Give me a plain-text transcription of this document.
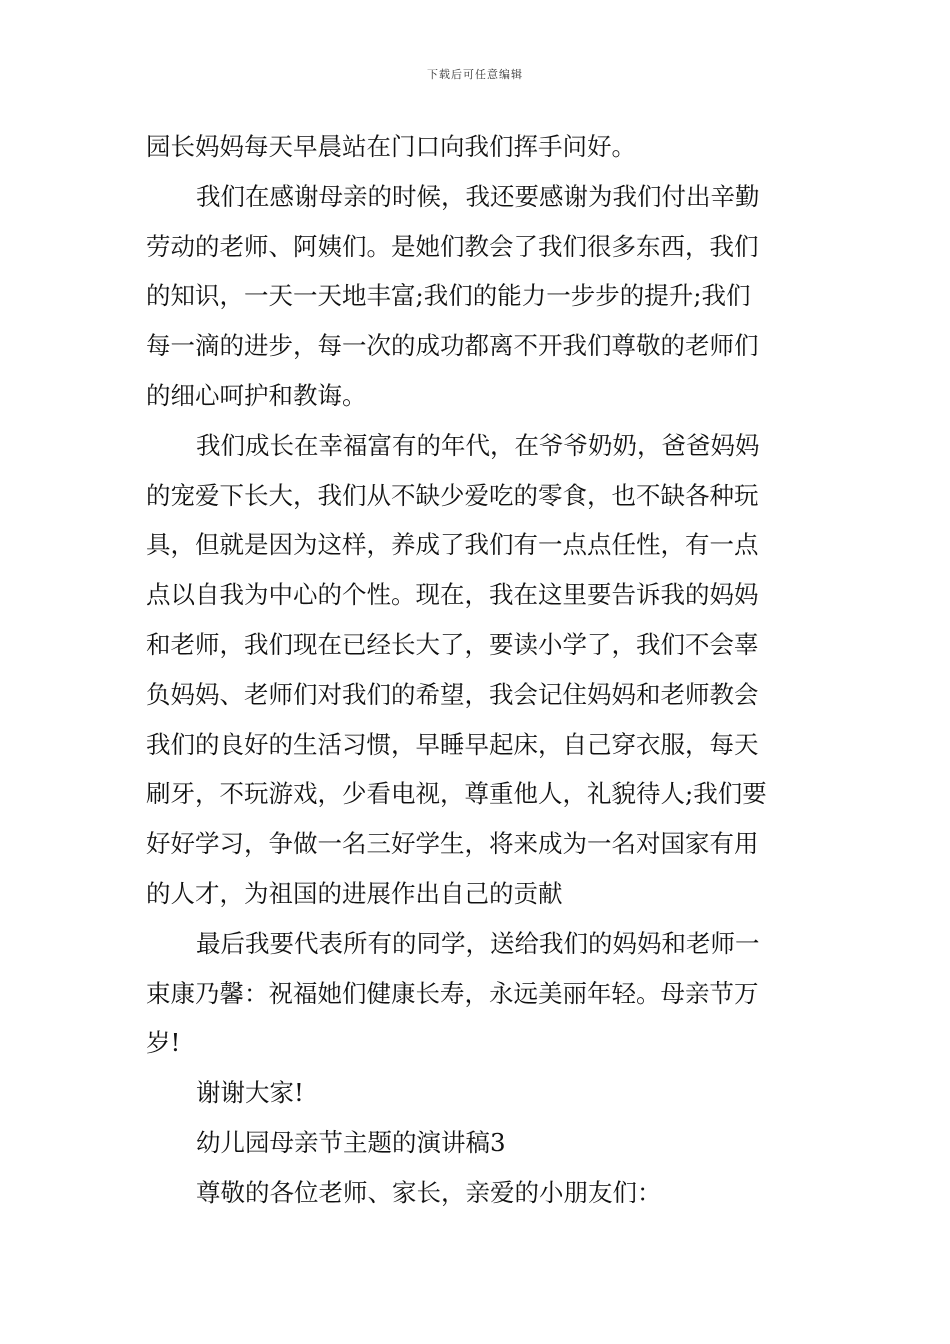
下载后可任意编辑
园长妈妈每天早晨站在门口向我们挥手问好。
我们在感谢母亲的时候，我还要感谢为我们付出辛勤
劳动的老师、阿姨们。是她们教会了我们很多东西，我们
的知识，一天一天地丰富;我们的能力一步步的提升;我们
每一滴的进步，每一次的成功都离不开我们尊敬的老师们
的细心呵护和教诲。
我们成长在幸福富有的年代，在爷爷奶奶，爸爸妈妈
的宠爱下长大，我们从不缺少爱吃的零食，也不缺各种玩
具，但就是因为这样，养成了我们有一点点任性，有一点
点以自我为中心的个性。现在，我在这里要告诉我的妈妈
和老师，我们现在已经长大了，要读小学了，我们不会辜
负妈妈、老师们对我们的希望，我会记住妈妈和老师教会
我们的良好的生活习惯，早睡早起床，自己穿衣服，每天
刷牙，不玩游戏，少看电视，尊重他人，礼貌待人;我们要
好好学习，争做一名三好学生，将来成为一名对国家有用
的人才，为祖国的进展作出自己的贡献
最后我要代表所有的同学，送给我们的妈妈和老师一
束康乃馨：祝福她们健康长寿，永远美丽年轻。母亲节万
岁!
谢谢大家!
幼儿园母亲节主题的演讲稿3
尊敬的各位老师、家长，亲爱的小朋友们：
